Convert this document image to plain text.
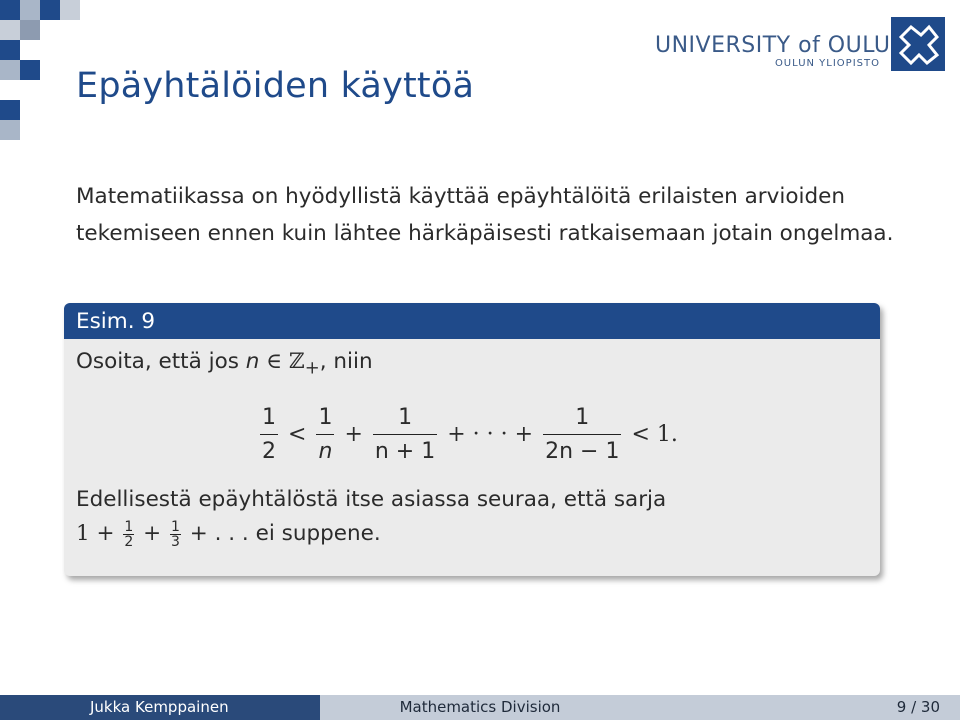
Epäyhtälöiden käyttöä
UNIVERSITY of OULU
OULUN YLIOPISTO
Matematiikassa on hyödyllistä käyttää epäyhtälöitä erilaisten arvioiden tekemiseen ennen kuin lähtee härkäpäisesti ratkaisemaan jotain ongelmaa.
Esim. 9
Osoita, että jos n ∈ ℤ$_+$, niin
$\frac{1}{2} < \frac{1}{n} + \frac{1}{n + 1}$ + · · · + $\frac{1}{2n - 1} < 1$.
Edellisestä epäyhtälöstä itse asiassa seuraa, että sarja
$1 + \frac{1}{2} + \frac{1}{3}$ + . . . ei suppene.
Jukka Kemppainen	Mathematics Division	9 / 30
